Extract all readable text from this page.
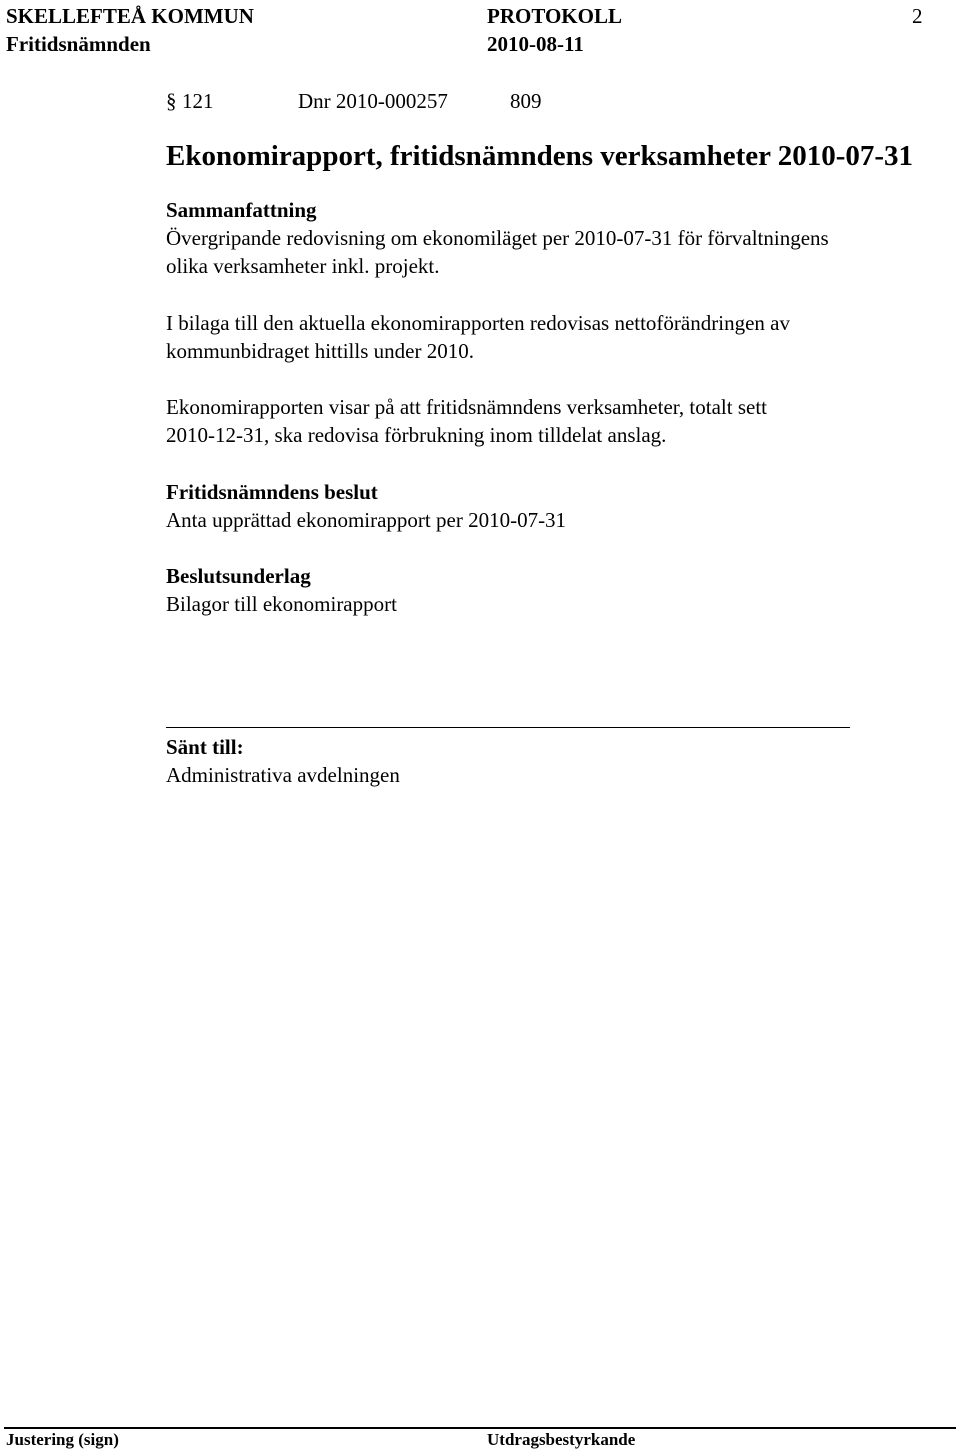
SKELLEFTEÅ KOMMUN	PROTOKOLL	2
Fritidsnämnden	2010-08-11
§ 121	Dnr 2010-000257	809
Ekonomirapport, fritidsnämndens verksamheter 2010-07-31
Sammanfattning
Övergripande redovisning om ekonomiläget per 2010-07-31 för förvaltningens
olika verksamheter inkl. projekt.
I bilaga till den aktuella ekonomirapporten redovisas nettoförändringen av
kommunbidraget hittills under 2010.
Ekonomirapporten visar på att fritidsnämndens verksamheter, totalt sett
2010-12-31, ska redovisa förbrukning inom tilldelat anslag.
Fritidsnämndens beslut
Anta upprättad ekonomirapport per 2010-07-31
Beslutsunderlag
Bilagor till ekonomirapport
Sänt till:
Administrativa avdelningen
Justering (sign)	Utdragsbestyrkande
